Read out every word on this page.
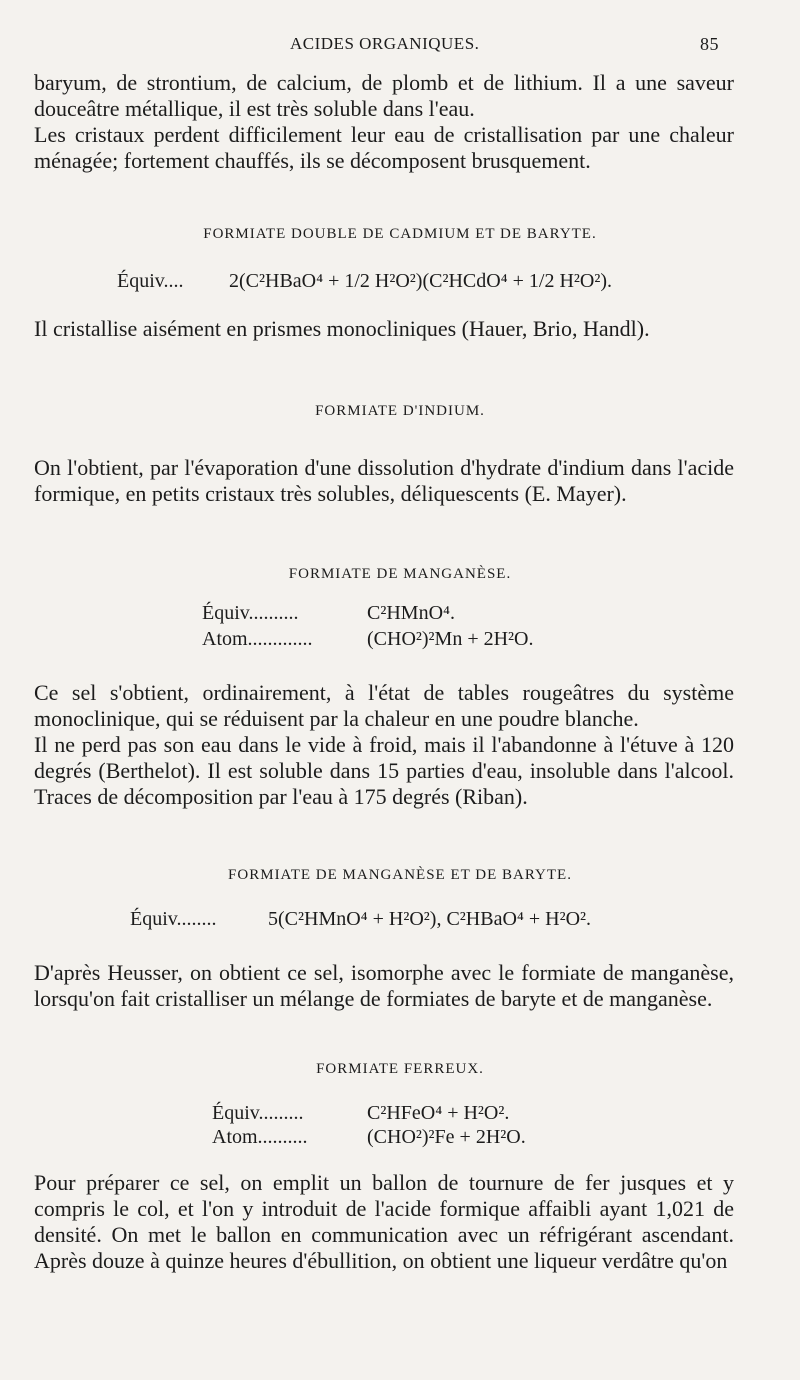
ACIDES ORGANIQUES.	85

baryum, de strontium, de calcium, de plomb et de lithium. Il a une saveur douceâtre métallique, il est très soluble dans l'eau.

Les cristaux perdent difficilement leur eau de cristallisation par une chaleur ménagée; fortement chauffés, ils se décomposent brusquement.

FORMIATE DOUBLE DE CADMIUM ET DE BARYTE.
Équiv.... 2(C²HBaO⁴ + 1/2 H²O²)(C²HCdO⁴ + 1/2 H²O²).

Il cristallise aisément en prismes monocliniques (Hauer, Brio, Handl).

FORMIATE D'INDIUM.

On l'obtient, par l'évaporation d'une dissolution d'hydrate d'indium dans l'acide formique, en petits cristaux très solubles, déliquescents (E. Mayer).

FORMIATE DE MANGANÈSE.
Équiv..........	C²HMnO⁴.
Atom.............	(CHO²)²Mn + 2H²O.

Ce sel s'obtient, ordinairement, à l'état de tables rougeâtres du système monoclinique, qui se réduisent par la chaleur en une poudre blanche.

Il ne perd pas son eau dans le vide à froid, mais il l'abandonne à l'étuve à 120 degrés (Berthelot). Il est soluble dans 15 parties d'eau, insoluble dans l'alcool. Traces de décomposition par l'eau à 175 degrés (Riban).

FORMIATE DE MANGANÈSE ET DE BARYTE.
Équiv........	5(C²HMnO⁴ + H²O²), C²HBaO⁴ + H²O².

D'après Heusser, on obtient ce sel, isomorphe avec le formiate de manganèse, lorsqu'on fait cristalliser un mélange de formiates de baryte et de manganèse.

FORMIATE FERREUX.
Équiv.........	C²HFeO⁴ + H²O².
Atom..........	(CHO²)²Fe + 2H²O.

Pour préparer ce sel, on emplit un ballon de tournure de fer jusques et y compris le col, et l'on y introduit de l'acide formique affaibli ayant 1,021 de densité. On met le ballon en communication avec un réfrigérant ascendant. Après douze à quinze heures d'ébullition, on obtient une liqueur verdâtre qu'on
